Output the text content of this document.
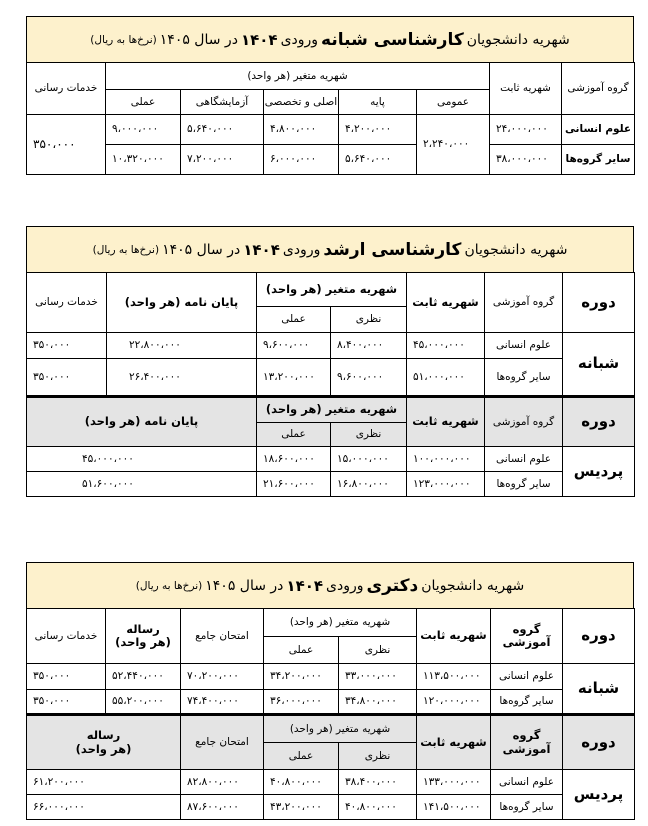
شهریه دانشجویان
کارشناسی شبانه
ورودی
۱۴۰۴
در سال ۱۴۰۵
(نرخ‌ها به ریال)
خدمات رسانی	شهریه متغیر (هر واحد)					شهریه ثابت	گروه آموزشی
	عملی	آزمایشگاهی	اصلی و تخصصی	پایه	عمومی		
۳۵۰،۰۰۰	۹،۰۰۰،۰۰۰	۵،۶۴۰،۰۰۰	۴،۸۰۰،۰۰۰	۴،۲۰۰،۰۰۰	۲،۲۴۰،۰۰۰	۲۴،۰۰۰،۰۰۰	علوم انسانی
	۱۰،۳۲۰،۰۰۰	۷،۲۰۰،۰۰۰	۶،۰۰۰،۰۰۰	۵،۶۴۰،۰۰۰		۳۸،۰۰۰،۰۰۰	سایر گروه‌ها
شهریه دانشجویان
کارشناسی ارشد
ورودی
۱۴۰۴
در سال ۱۴۰۵
(نرخ‌ها به ریال)
خدمات رسانی	پایان نامه (هر واحد)	شهریه متغیر (هر واحد)		شهریه ثابت	گروه آموزشی	دوره
		عملی	نظری			
۳۵۰،۰۰۰	۲۲،۸۰۰،۰۰۰	۹،۶۰۰،۰۰۰	۸،۴۰۰،۰۰۰	۴۵،۰۰۰،۰۰۰	علوم انسانی	شبانه
۳۵۰،۰۰۰	۲۶،۴۰۰،۰۰۰	۱۳،۲۰۰،۰۰۰	۹،۶۰۰،۰۰۰	۵۱،۰۰۰،۰۰۰	سایر گروه‌ها	
پایان نامه (هر واحد)		شهریه متغیر (هر واحد)		شهریه ثابت	گروه آموزشی	دوره
		عملی	نظری			
۴۵،۰۰۰،۰۰۰		۱۸،۶۰۰،۰۰۰	۱۵،۰۰۰،۰۰۰	۱۰۰،۰۰۰،۰۰۰	علوم انسانی	پردیس
۵۱،۶۰۰،۰۰۰		۲۱،۶۰۰،۰۰۰	۱۶،۸۰۰،۰۰۰	۱۲۳،۰۰۰،۰۰۰	سایر گروه‌ها	
شهریه دانشجویان
دکتری
ورودی
۱۴۰۴
در سال ۱۴۰۵
(نرخ‌ها به ریال)
خدمات رسانی	رساله
(هر واحد)	امتحان جامع	شهریه متغیر (هر واحد)		شهریه ثابت	گروه آموزشی	دوره
			عملی	نظری			
۳۵۰،۰۰۰	۵۲،۴۴۰،۰۰۰	۷۰،۲۰۰،۰۰۰	۳۴،۲۰۰،۰۰۰	۳۳،۰۰۰،۰۰۰	۱۱۳،۵۰۰،۰۰۰	علوم انسانی	شبانه
۳۵۰،۰۰۰	۵۵،۲۰۰،۰۰۰	۷۴،۴۰۰،۰۰۰	۳۶،۰۰۰،۰۰۰	۳۴،۸۰۰،۰۰۰	۱۲۰،۰۰۰،۰۰۰	سایر گروه‌ها	
رساله
(هر واحد)		امتحان جامع	شهریه متغیر (هر واحد)		شهریه ثابت	گروه آموزشی	دوره
			عملی	نظری			
۶۱،۲۰۰،۰۰۰		۸۲،۸۰۰،۰۰۰	۴۰،۸۰۰،۰۰۰	۳۸،۴۰۰،۰۰۰	۱۳۳،۰۰۰،۰۰۰	علوم انسانی	پردیس
۶۶،۰۰۰،۰۰۰		۸۷،۶۰۰،۰۰۰	۴۳،۲۰۰،۰۰۰	۴۰،۸۰۰،۰۰۰	۱۴۱،۵۰۰،۰۰۰	سایر گروه‌ها	
